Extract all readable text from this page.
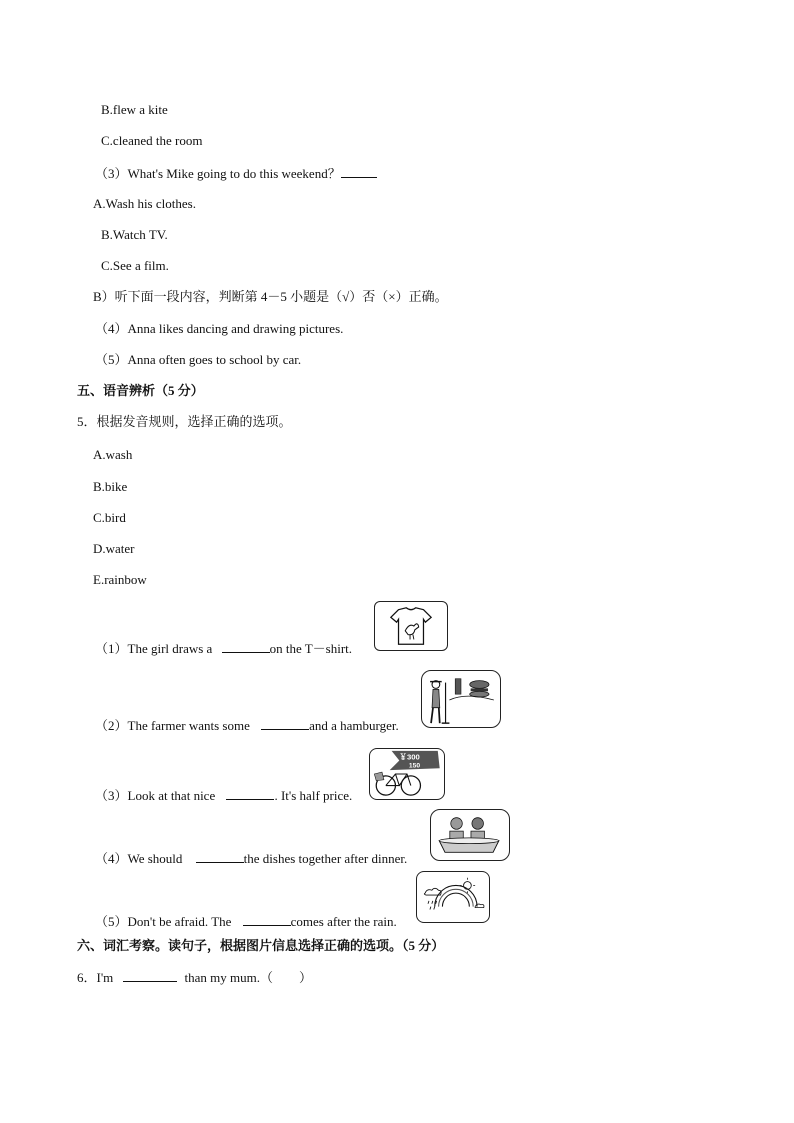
B.flew a kite
C.cleaned the room
（3）What's Mike going to do this weekend？
A.Wash his clothes.
B.Watch TV.
C.See a film.
B）听下面一段内容，判断第 4－5 小题是（√）否（×）正确。
（4）Anna likes dancing and drawing pictures.
（5）Anna often goes to school by car.
五、语音辨析（5 分）
5．根据发音规则，选择正确的选项。
A.wash
B.bike
C.bird
D.water
E.rainbow
（1）The girl draws a	on the T－shirt.
（2）The farmer wants some	and a hamburger.
（3）Look at that nice	. It's half price.
￥300
150
（4）We should	the dishes together after dinner.
（5）Don't be afraid. The	comes after the rain.
六、词汇考察。读句子，根据图片信息选择正确的选项。（5 分）
6．I'm	than my mum.（　　）
